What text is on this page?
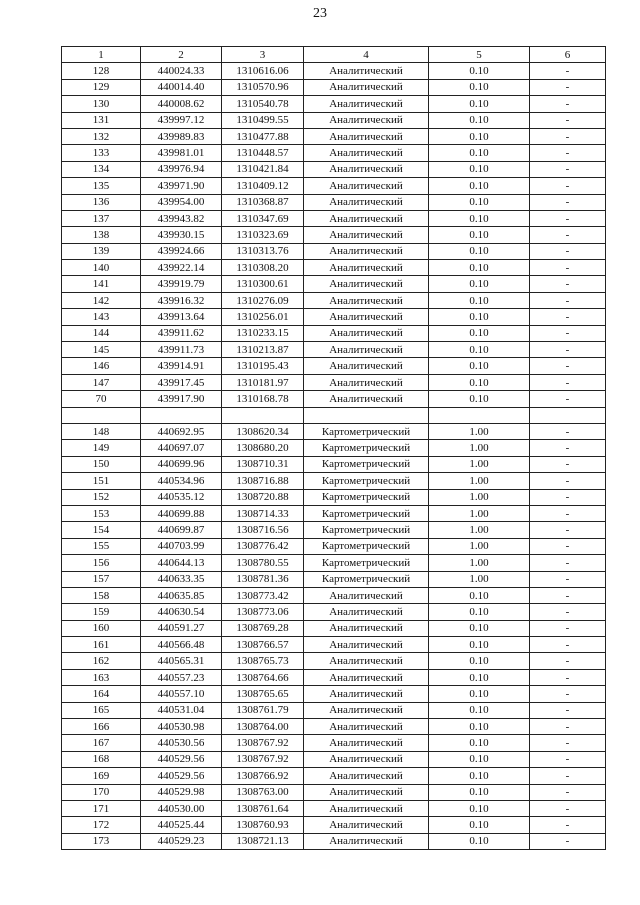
23
1	2	3	4	5	6
128	440024.33	1310616.06	Аналитический	0.10	-
129	440014.40	1310570.96	Аналитический	0.10	-
130	440008.62	1310540.78	Аналитический	0.10	-
131	439997.12	1310499.55	Аналитический	0.10	-
132	439989.83	1310477.88	Аналитический	0.10	-
133	439981.01	1310448.57	Аналитический	0.10	-
134	439976.94	1310421.84	Аналитический	0.10	-
135	439971.90	1310409.12	Аналитический	0.10	-
136	439954.00	1310368.87	Аналитический	0.10	-
137	439943.82	1310347.69	Аналитический	0.10	-
138	439930.15	1310323.69	Аналитический	0.10	-
139	439924.66	1310313.76	Аналитический	0.10	-
140	439922.14	1310308.20	Аналитический	0.10	-
141	439919.79	1310300.61	Аналитический	0.10	-
142	439916.32	1310276.09	Аналитический	0.10	-
143	439913.64	1310256.01	Аналитический	0.10	-
144	439911.62	1310233.15	Аналитический	0.10	-
145	439911.73	1310213.87	Аналитический	0.10	-
146	439914.91	1310195.43	Аналитический	0.10	-
147	439917.45	1310181.97	Аналитический	0.10	-
70	439917.90	1310168.78	Аналитический	0.10	-

148	440692.95	1308620.34	Картометрический	1.00	-
149	440697.07	1308680.20	Картометрический	1.00	-
150	440699.96	1308710.31	Картометрический	1.00	-
151	440534.96	1308716.88	Картометрический	1.00	-
152	440535.12	1308720.88	Картометрический	1.00	-
153	440699.88	1308714.33	Картометрический	1.00	-
154	440699.87	1308716.56	Картометрический	1.00	-
155	440703.99	1308776.42	Картометрический	1.00	-
156	440644.13	1308780.55	Картометрический	1.00	-
157	440633.35	1308781.36	Картометрический	1.00	-
158	440635.85	1308773.42	Аналитический	0.10	-
159	440630.54	1308773.06	Аналитический	0.10	-
160	440591.27	1308769.28	Аналитический	0.10	-
161	440566.48	1308766.57	Аналитический	0.10	-
162	440565.31	1308765.73	Аналитический	0.10	-
163	440557.23	1308764.66	Аналитический	0.10	-
164	440557.10	1308765.65	Аналитический	0.10	-
165	440531.04	1308761.79	Аналитический	0.10	-
166	440530.98	1308764.00	Аналитический	0.10	-
167	440530.56	1308767.92	Аналитический	0.10	-
168	440529.56	1308767.92	Аналитический	0.10	-
169	440529.56	1308766.92	Аналитический	0.10	-
170	440529.98	1308763.00	Аналитический	0.10	-
171	440530.00	1308761.64	Аналитический	0.10	-
172	440525.44	1308760.93	Аналитический	0.10	-
173	440529.23	1308721.13	Аналитический	0.10	-
